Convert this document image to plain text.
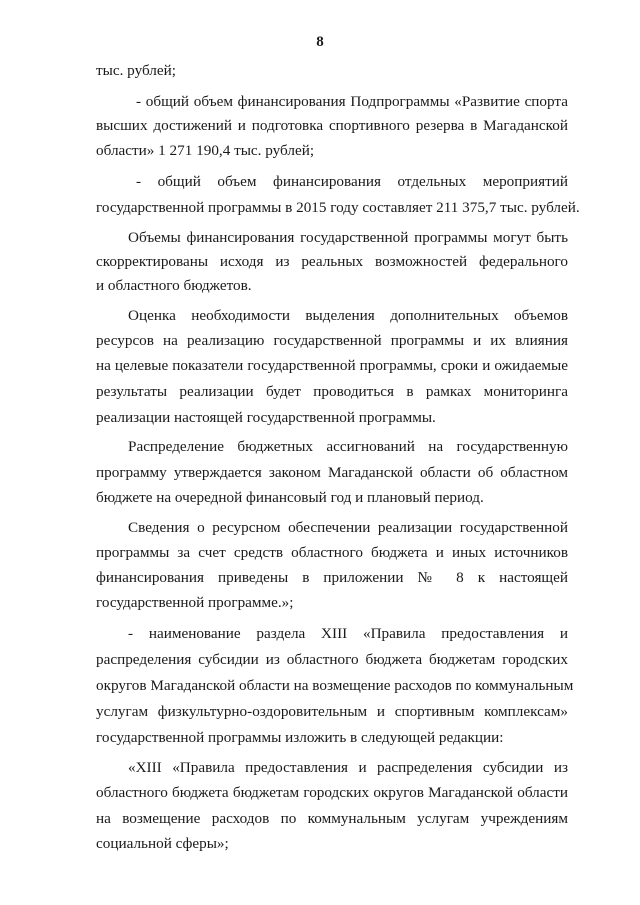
8
тыс. рублей;
- общий объем финансирования Подпрограммы «Развитие спорта
высших достижений и подготовка спортивного резерва в Магаданской
области» 1 271 190,4 тыс. рублей;
- общий объем финансирования отдельных мероприятий
государственной программы в 2015 году составляет 211 375,7 тыс. рублей.
Объемы финансирования государственной программы могут быть
скорректированы исходя из реальных возможностей федерального
и областного бюджетов.
Оценка необходимости выделения дополнительных объемов
ресурсов на реализацию государственной программы и их влияния
на целевые показатели государственной программы, сроки и ожидаемые
результаты реализации будет проводиться в рамках мониторинга
реализации настоящей государственной программы.
Распределение бюджетных ассигнований на государственную
программу утверждается законом Магаданской области об областном
бюджете на очередной финансовый год и плановый период.
Сведения о ресурсном обеспечении реализации государственной
программы за счет средств областного бюджета и иных источников
финансирования приведены в приложении № 8 к настоящей
государственной программе.»;
- наименование раздела XIII «Правила предоставления и
распределения субсидии из областного бюджета бюджетам городских
округов Магаданской области на возмещение расходов по коммунальным
услугам физкультурно-оздоровительным и спортивным комплексам»
государственной программы изложить в следующей редакции:
«XIII «Правила предоставления и распределения субсидии из
областного бюджета бюджетам городских округов Магаданской области
на возмещение расходов по коммунальным услугам учреждениям
социальной сферы»;
